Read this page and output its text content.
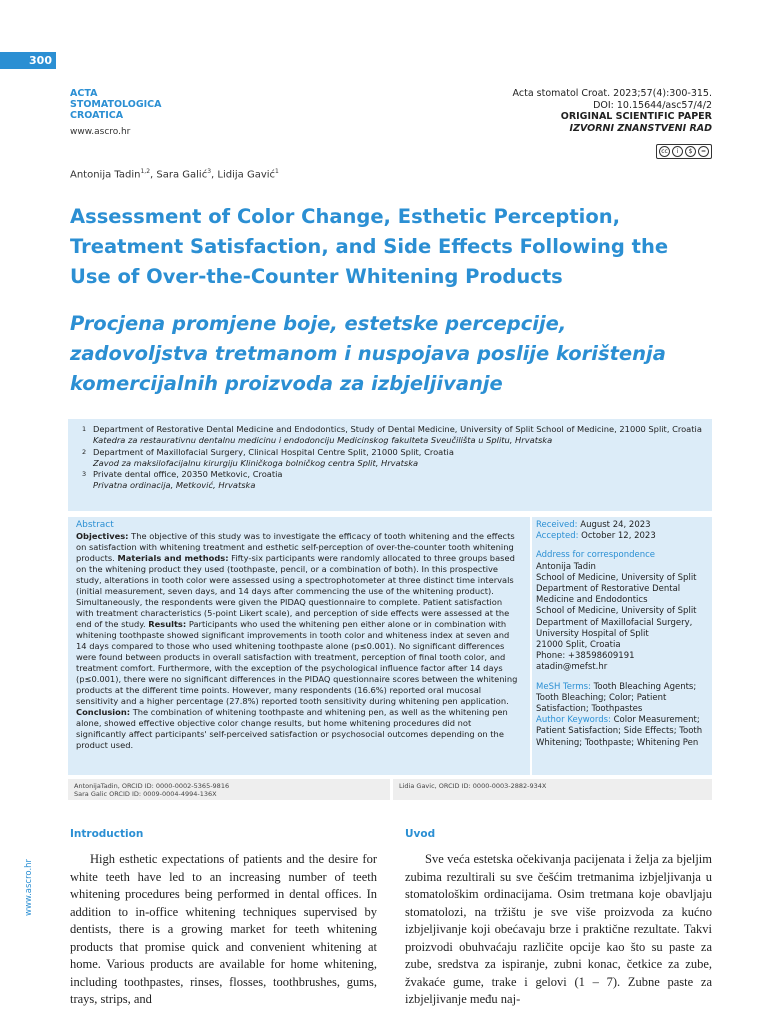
300
ACTA
STOMATOLOGICA
CROATICA
www.ascro.hr
Acta stomatol Croat. 2023;57(4):300-315.
DOI: 10.15644/asc57/4/2
ORIGINAL SCIENTIFIC PAPER
IZVORNI ZNANSTVENI RAD
cc	i	$	=
Antonija Tadin$^{1,2}$, Sara Galić$^3$, Lidija Gavić$^1$
Assessment of Color Change, Esthetic Perception, Treatment Satisfaction, and Side Effects Following the Use of Over-the-Counter Whitening Products
Procjena promjene boje, estetske percepcije, zadovoljstva tretmanom i nuspojava poslije korištenja komercijalnih proizvoda za izbjeljivanje
1 Department of Restorative Dental Medicine and Endodontics, Study of Dental Medicine, University of Split School of Medicine, 21000 Split, Croatia
Katedra za restaurativnu dentalnu medicinu i endodonciju Medicinskog fakulteta Sveučilišta u Splitu, Hrvatska
2 Department of Maxillofacial Surgery, Clinical Hospital Centre Split, 21000 Split, Croatia
Zavod za maksilofacijalnu kirurgiju Kliničkoga bolničkog centra Split, Hrvatska
3 Private dental office, 20350 Metkovic, Croatia
Privatna ordinacija, Metković, Hrvatska
Abstract
Objectives: The objective of this study was to investigate the efficacy of tooth whitening and the effects on satisfaction with whitening treatment and esthetic self-perception of over-the-counter tooth whitening products. Materials and methods: Fifty-six participants were randomly allocated to three groups based on the whitening product they used (toothpaste, pencil, or a combination of both). In this prospective study, alterations in tooth color were assessed using a spectrophotometer at three distinct time intervals (initial measurement, seven days, and 14 days after commencing the use of the whitening product). Simultaneously, the respondents were given the PIDAQ questionnaire to complete. Patient satisfaction with treatment characteristics (5-point Likert scale), and perception of side effects were assessed at the end of the study. Results: Participants who used the whitening pen either alone or in combination with whitening toothpaste showed significant improvements in tooth color and whiteness index at seven and 14 days compared to those who used whitening toothpaste alone (p≤0.001). No significant differences were found between products in overall satisfaction with treatment, perception of final tooth color, and treatment comfort. Furthermore, with the exception of the psychological influence factor after 14 days (p≤0.001), there were no significant differences in the PIDAQ questionnaire scores between the whitening products at the different time points. However, many respondents (16.6%) reported oral mucosal sensitivity and a higher percentage (27.8%) reported tooth sensitivity during whitening pen application. Conclusion: The combination of whitening toothpaste and whitening pen, as well as the whitening pen alone, showed effective objective color change results, but home whitening procedures did not significantly affect participants' self-perceived satisfaction or psychosocial outcomes depending on the product used.
Received: August 24, 2023
Accepted: October 12, 2023
Address for correspondence
Antonija Tadin
School of Medicine, University of Split
Department of Restorative Dental
Medicine and Endodontics
School of Medicine, University of Split
Department of Maxillofacial Surgery,
University Hospital of Split
21000 Split, Croatia
Phone: +38598609191
atadin@mefst.hr
MeSH Terms: Tooth Bleaching Agents; Tooth Bleaching; Color; Patient Satisfaction; Toothpastes
Author Keywords: Color Measurement; Patient Satisfaction; Side Effects; Tooth Whitening; Toothpaste; Whitening Pen
AntonijaTadin, ORCID ID: 0000-0002-5365-9816
Sara Galic ORCID ID: 0009-0004-4994-136X
Lidia Gavic, ORCID ID: 0000-0003-2882-934X
Introduction	Uvod

High esthetic expectations of patients and the desire for white teeth have led to an increasing number of teeth whitening procedures being performed in dental offices. In addition to in-office whitening techniques supervised by dentists, there is a growing market for teeth whitening products that promise quick and convenient whitening at home. Various products are available for home whitening, including toothpastes, rinses, flosses, toothbrushes, gums, trays, strips, and

Sve veća estetska očekivanja pacijenata i želja za bjeljim zubima rezultirali su sve češćim tretmanima izbjeljivanja u stomatološkim ordinacijama. Osim tretmana koje obavljaju stomatolozi, na tržištu je sve više proizvoda za kućno izbjeljivanje koji obećavaju brze i praktične rezultate. Takvi proizvodi obuhvaćaju različite opcije kao što su paste za zube, sredstva za ispiranje, zubni konac, četkice za zube, žvakaće gume, trake i gelovi (1 – 7). Zubne paste za izbjeljivanje među naj-

www.ascro.hr
